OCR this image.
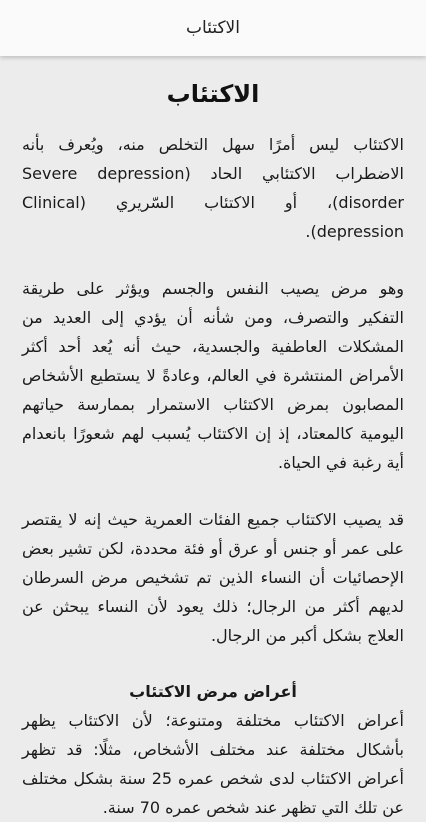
الاكتئاب
الاكتئاب

الاكتئاب ليس أمرًا سهل التخلص منه، ويُعرف بأنه الاضطراب الاكتئابي الحاد (Severe depression disorder)، أو الاكتئاب السّريري (Clinical depression).

وهو مرض يصيب النفس والجسم ويؤثر على طريقة التفكير والتصرف، ومن شأنه أن يؤدي إلى العديد من المشكلات العاطفية والجسدية، حيث أنه يُعد أحد أكثر الأمراض المنتشرة في العالم، وعادةً لا يستطيع الأشخاص المصابون بمرض الاكتئاب الاستمرار بممارسة حياتهم اليومية كالمعتاد، إذ إن الاكتئاب يُسبب لهم شعورًا بانعدام أية رغبة في الحياة.

قد يصيب الاكتئاب جميع الفئات العمرية حيث إنه لا يقتصر على عمر أو جنس أو عرق أو فئة محددة، لكن تشير بعض الإحصائيات أن النساء الذين تم تشخيص مرض السرطان لديهم أكثر من الرجال؛ ذلك يعود لأن النساء يبحثن عن العلاج بشكل أكبر من الرجال.

أعراض مرض الاكتئاب

أعراض الاكتئاب مختلفة ومتنوعة؛ لأن الاكتئاب يظهر بأشكال مختلفة عند مختلف الأشخاص، مثلًا: قد تظهر أعراض الاكتئاب لدى شخص عمره 25 سنة بشكل مختلف عن تلك التي تظهر عند شخص عمره 70 سنة.
